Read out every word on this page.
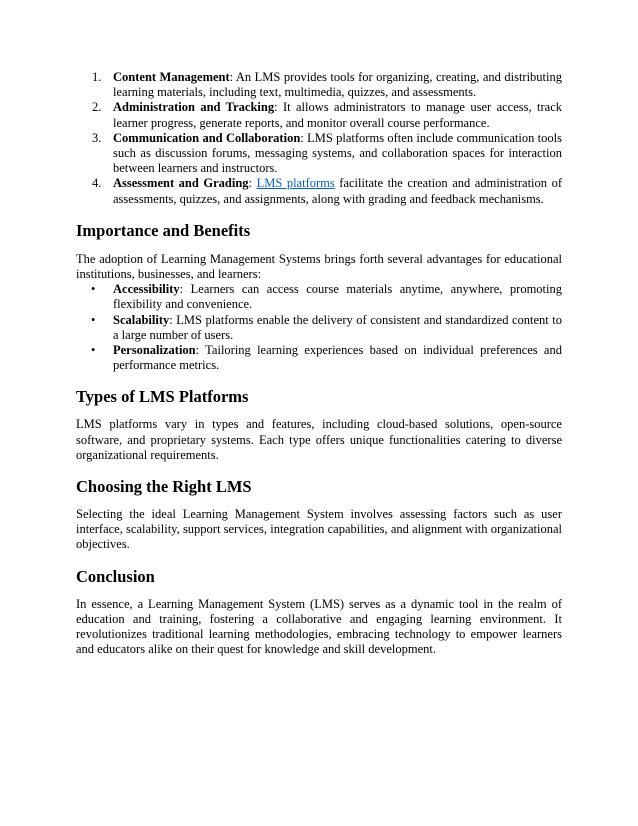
1. Content Management: An LMS provides tools for organizing, creating, and distributing learning materials, including text, multimedia, quizzes, and assessments.
2. Administration and Tracking: It allows administrators to manage user access, track learner progress, generate reports, and monitor overall course performance.
3. Communication and Collaboration: LMS platforms often include communication tools such as discussion forums, messaging systems, and collaboration spaces for interaction between learners and instructors.
4. Assessment and Grading: LMS platforms facilitate the creation and administration of assessments, quizzes, and assignments, along with grading and feedback mechanisms.
Importance and Benefits

The adoption of Learning Management Systems brings forth several advantages for educational institutions, businesses, and learners:

• Accessibility: Learners can access course materials anytime, anywhere, promoting flexibility and convenience.
• Scalability: LMS platforms enable the delivery of consistent and standardized content to a large number of users.
• Personalization: Tailoring learning experiences based on individual preferences and performance metrics.
Types of LMS Platforms

LMS platforms vary in types and features, including cloud-based solutions, open-source software, and proprietary systems. Each type offers unique functionalities catering to diverse organizational requirements.

Choosing the Right LMS

Selecting the ideal Learning Management System involves assessing factors such as user interface, scalability, support services, integration capabilities, and alignment with organizational objectives.

Conclusion

In essence, a Learning Management System (LMS) serves as a dynamic tool in the realm of education and training, fostering a collaborative and engaging learning environment. It revolutionizes traditional learning methodologies, embracing technology to empower learners and educators alike on their quest for knowledge and skill development.
